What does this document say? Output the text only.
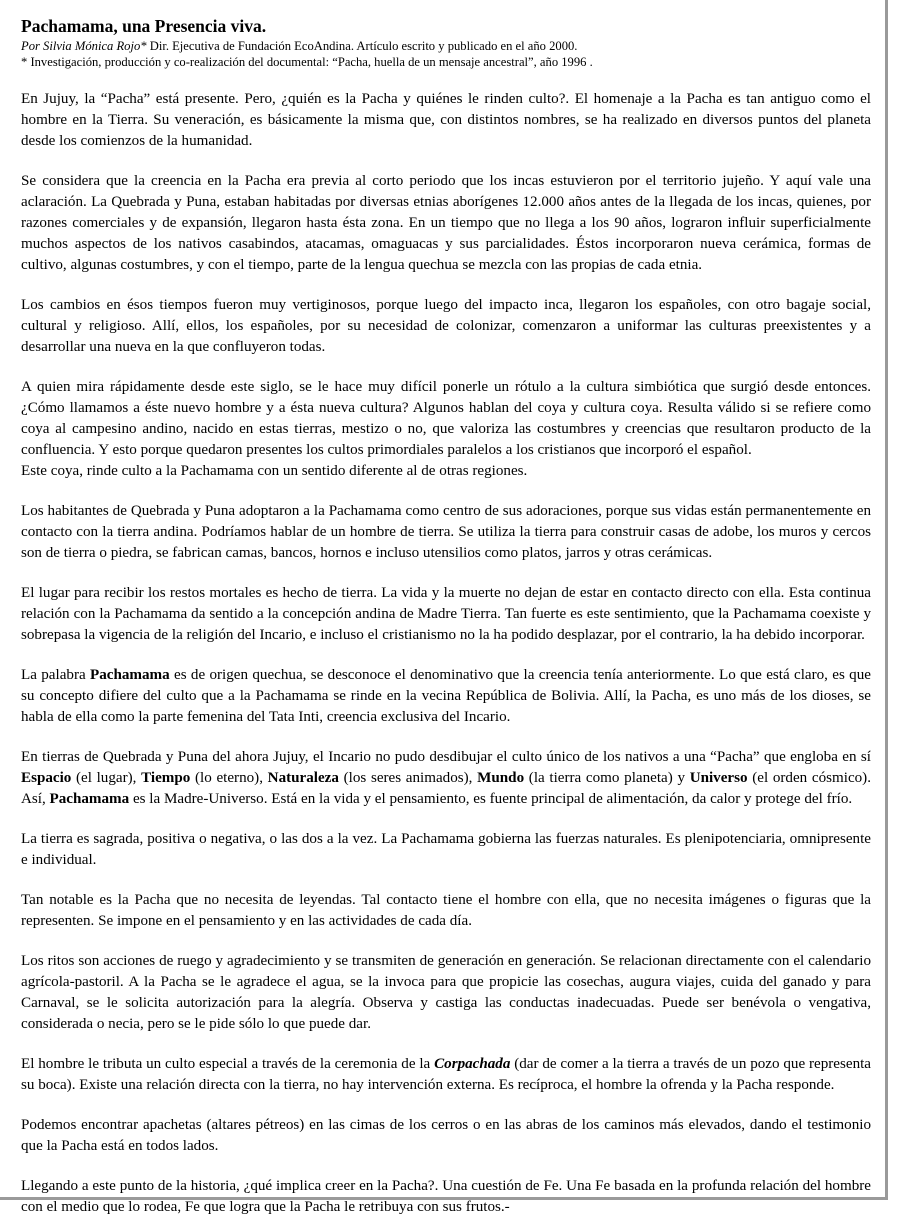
Pachamama, una Presencia viva.
Por Silvia Mónica Rojo* Dir. Ejecutiva de Fundación EcoAndina. Artículo escrito y publicado en el año 2000.
* Investigación, producción y co-realización del documental: “Pacha, huella de un mensaje ancestral”, año 1996 .

En Jujuy, la “Pacha” está presente. Pero, ¿quién es la Pacha y quiénes le rinden culto?. El homenaje a la Pacha es tan antiguo como el hombre en la Tierra. Su veneración, es básicamente la misma que, con distintos nombres, se ha realizado en diversos puntos del planeta desde los comienzos de la humanidad.

Se considera que la creencia en la Pacha era previa al corto periodo que los incas estuvieron por el territorio jujeño. Y aquí vale una aclaración. La Quebrada y Puna, estaban habitadas por diversas etnias aborígenes 12.000 años antes de la llegada de los incas, quienes, por razones comerciales y de expansión, llegaron hasta ésta zona. En un tiempo que no llega a los 90 años, lograron influir superficialmente muchos aspectos de los nativos casabindos, atacamas, omaguacas y sus parcialidades. Éstos incorporaron nueva cerámica, formas de cultivo, algunas costumbres, y con el tiempo, parte de la lengua quechua se mezcla con las propias de cada etnia.

Los cambios en ésos tiempos fueron muy vertiginosos, porque luego del impacto inca, llegaron los españoles, con otro bagaje social, cultural y religioso. Allí, ellos, los españoles, por su necesidad de colonizar, comenzaron a uniformar las culturas preexistentes y a desarrollar una nueva en la que confluyeron todas.

A quien mira rápidamente desde este siglo, se le hace muy difícil ponerle un rótulo a la cultura simbiótica que surgió desde entonces. ¿Cómo llamamos a éste nuevo hombre y a ésta nueva cultura? Algunos hablan del coya y cultura coya. Resulta válido si se refiere como coya al campesino andino, nacido en estas tierras, mestizo o no, que valoriza las costumbres y creencias que resultaron producto de la confluencia. Y esto porque quedaron presentes los cultos primordiales paralelos a los cristianos que incorporó el español.

Este coya, rinde culto a la Pachamama con un sentido diferente al de otras regiones.

Los habitantes de Quebrada y Puna adoptaron a la Pachamama como centro de sus adoraciones, porque sus vidas están permanentemente en contacto con la tierra andina. Podríamos hablar de un hombre de tierra. Se utiliza la tierra para construir casas de adobe, los muros y cercos son de tierra o piedra, se fabrican camas, bancos, hornos e incluso utensilios como platos, jarros y otras cerámicas.

El lugar para recibir los restos mortales es hecho de tierra. La vida y la muerte no dejan de estar en contacto directo con ella. Esta continua relación con la Pachamama da sentido a la concepción andina de Madre Tierra. Tan fuerte es este sentimiento, que la Pachamama coexiste y sobrepasa la vigencia de la religión del Incario, e incluso el cristianismo no la ha podido desplazar, por el contrario, la ha debido incorporar.

La palabra Pachamama es de origen quechua, se desconoce el denominativo que la creencia tenía anteriormente. Lo que está claro, es que su concepto difiere del culto que a la Pachamama se rinde en la vecina República de Bolivia. Allí, la Pacha, es uno más de los dioses, se habla de ella como la parte femenina del Tata Inti, creencia exclusiva del Incario.

En tierras de Quebrada y Puna del ahora Jujuy, el Incario no pudo desdibujar el culto único de los nativos a una “Pacha” que engloba en sí Espacio (el lugar), Tiempo (lo eterno), Naturaleza (los seres animados), Mundo (la tierra como planeta) y Universo (el orden cósmico). Así, Pachamama es la Madre-Universo. Está en la vida y el pensamiento, es fuente principal de alimentación, da calor y protege del frío.

La tierra es sagrada, positiva o negativa, o las dos a la vez. La Pachamama gobierna las fuerzas naturales. Es plenipotenciaria, omnipresente e individual.

Tan notable es la Pacha que no necesita de leyendas. Tal contacto tiene el hombre con ella, que no necesita imágenes o figuras que la representen. Se impone en el pensamiento y en las actividades de cada día.

Los ritos son acciones de ruego y agradecimiento y se transmiten de generación en generación. Se relacionan directamente con el calendario agrícola-pastoril. A la Pacha se le agradece el agua, se la invoca para que propicie las cosechas, augura viajes, cuida del ganado y para Carnaval, se le solicita autorización para la alegría. Observa y castiga las conductas inadecuadas. Puede ser benévola o vengativa, considerada o necia, pero se le pide sólo lo que puede dar.

El hombre le tributa un culto especial a través de la ceremonia de la Corpachada (dar de comer a la tierra a través de un pozo que representa su boca). Existe una relación directa con la tierra, no hay intervención externa. Es recíproca, el hombre la ofrenda y la Pacha responde.

Podemos encontrar apachetas (altares pétreos) en las cimas de los cerros o en las abras de los caminos más elevados, dando el testimonio que la Pacha está en todos lados.

Llegando a este punto de la historia, ¿qué implica creer en la Pacha?. Una cuestión de Fe. Una Fe basada en la profunda relación del hombre con el medio que lo rodea, Fe que logra que la Pacha le retribuya con sus frutos.-
